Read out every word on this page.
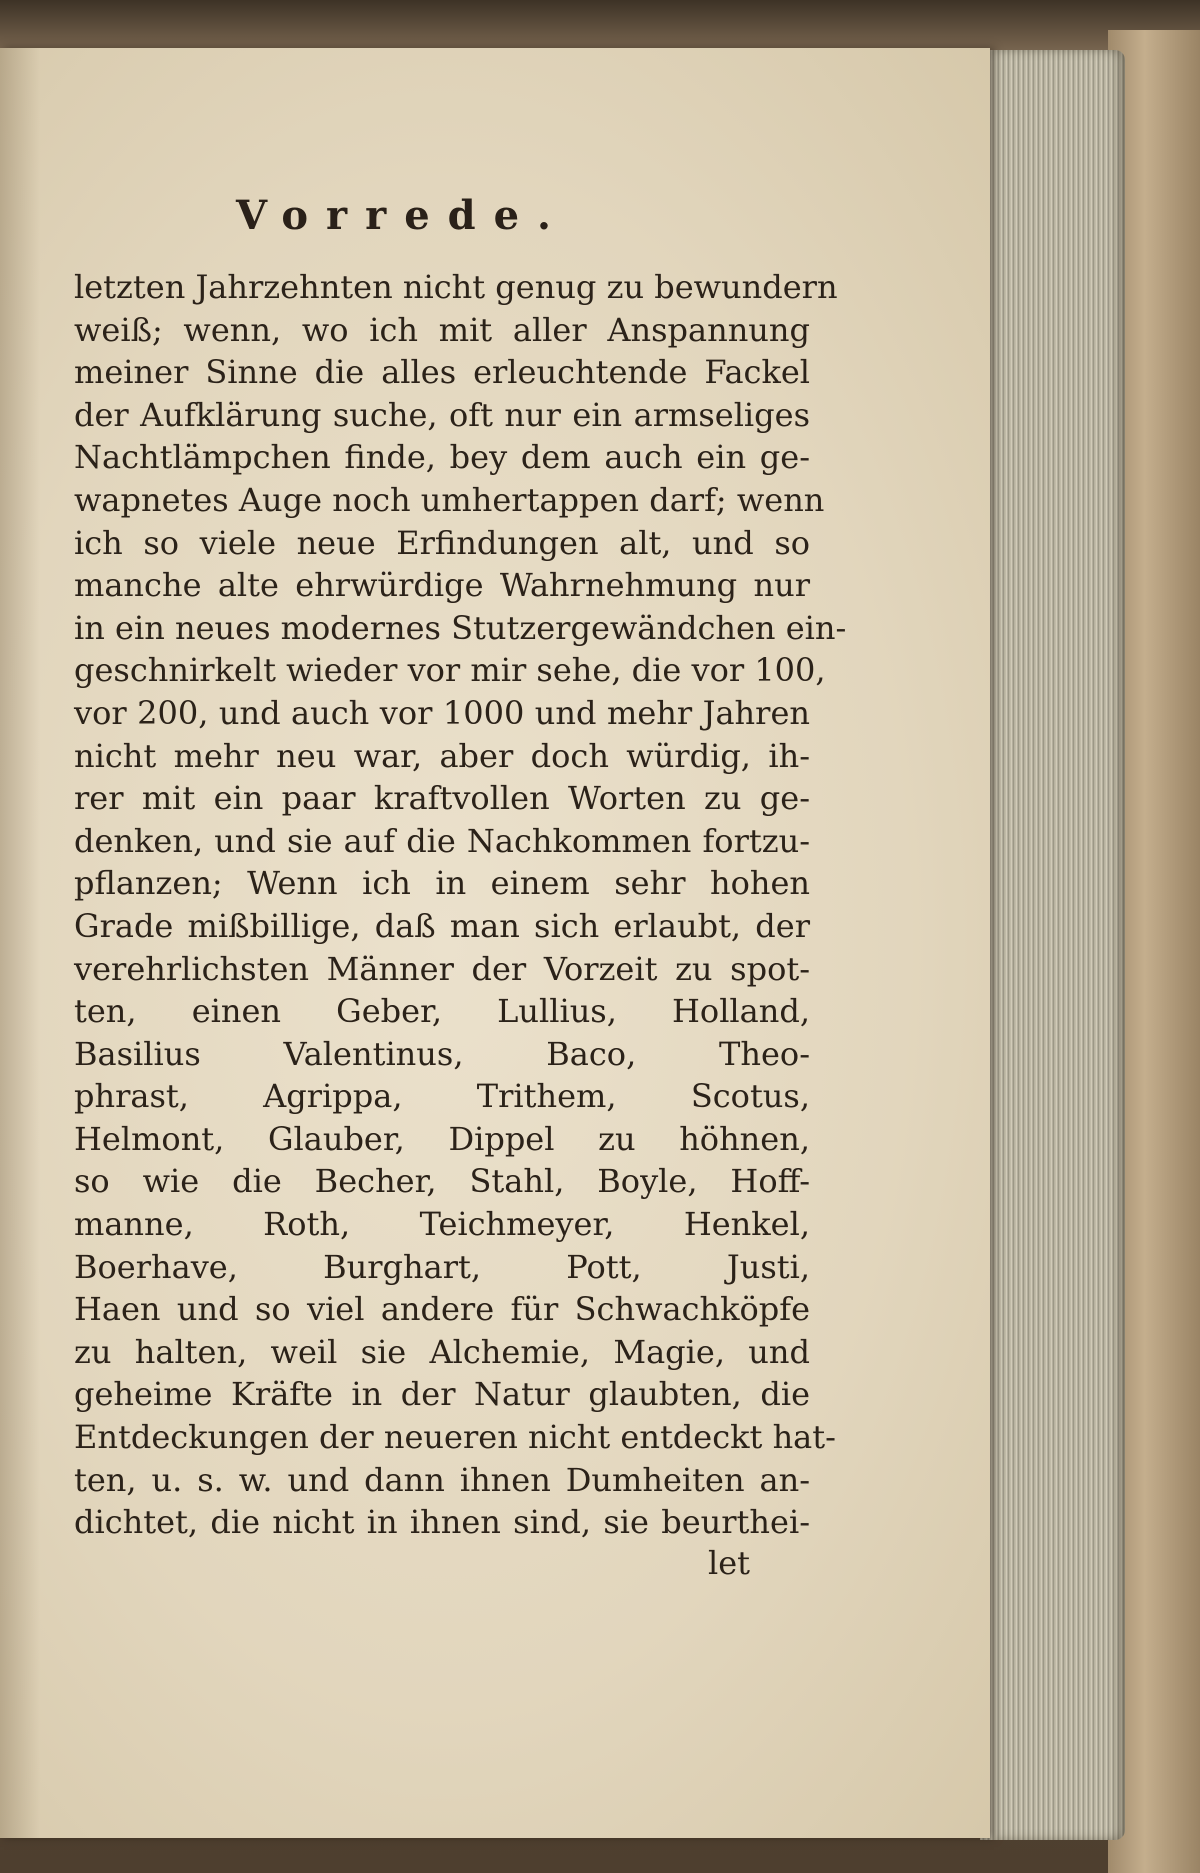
Vorrede.
letzten Jahrzehnten nicht genug zu bewundern
weiß; wenn, wo ich mit aller Anspannung
meiner Sinne die alles erleuchtende Fackel
der Aufklärung suche, oft nur ein armseliges
Nachtlämpchen finde, bey dem auch ein ge-
wapnetes Auge noch umhertappen darf; wenn
ich so viele neue Erfindungen alt, und so
manche alte ehrwürdige Wahrnehmung nur
in ein neues modernes Stutzergewändchen ein-
geschnirkelt wieder vor mir sehe, die vor 100,
vor 200, und auch vor 1000 und mehr Jahren
nicht mehr neu war, aber doch würdig, ih-
rer mit ein paar kraftvollen Worten zu ge-
denken, und sie auf die Nachkommen fortzu-
pflanzen; Wenn ich in einem sehr hohen
Grade mißbillige, daß man sich erlaubt, der
verehrlichsten Männer der Vorzeit zu spot-
ten, einen Geber, Lullius, Holland,
Basilius Valentinus, Baco, Theo-
phrast, Agrippa, Trithem, Scotus,
Helmont, Glauber, Dippel zu höhnen,
so wie die Becher, Stahl, Boyle, Hoff-
manne, Roth, Teichmeyer, Henkel,
Boerhave, Burghart, Pott, Justi,
Haen und so viel andere für Schwachköpfe
zu halten, weil sie Alchemie, Magie, und
geheime Kräfte in der Natur glaubten, die
Entdeckungen der neueren nicht entdeckt hat-
ten, u. s. w. und dann ihnen Dumheiten an-
dichtet, die nicht in ihnen sind, sie beurthei-
let
